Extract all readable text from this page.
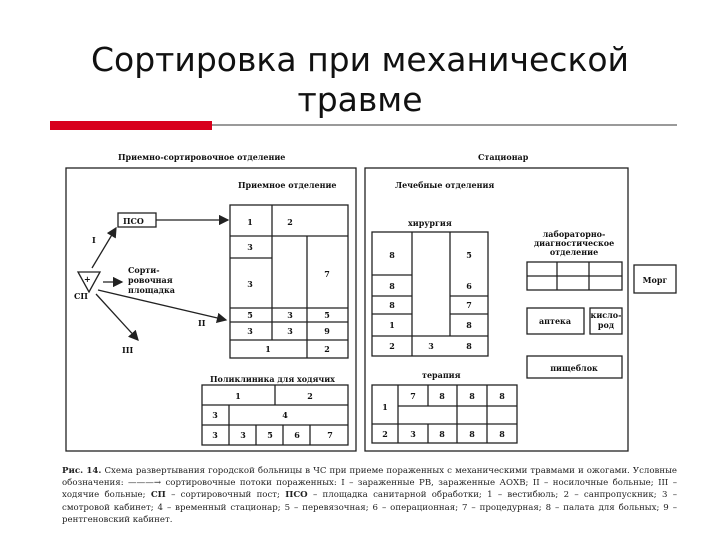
Сортировка при механической
травме
Приемно-сортировочное отделение	Стационар
Приемное отделение
ПСО
Сорти-
ровочная
площадка
+
СП
I
II
III
1	2
3
3
7
5	3	5
3	3	9
1	2
Поликлиника для ходячих
1	2
3	4
3	3	5	6	7
Лечебные отделения
хирургия
8	5
8	6
8	7
1	8
2	3	8
терапия
7	8	8	8
1
2	3	8	8	8
лабораторно-
диагностическое
отделение
Морг
аптека
кисло-
род
пищеблок
Рис. 14. Схема развертывания городской больницы в ЧС при приеме пораженных с механическими травмами и ожогами. Условные обозначения: ———→ сортировочные потоки пораженных: I – зараженные РВ, зараженные АОХВ; II – носилочные больные; III – ходячие больные; СП – сортировочный пост; ПСО – площадка санитарной обработки; 1 – вестибюль; 2 – санпропускник; 3 – смотровой кабинет; 4 – временный стационар; 5 – перевязочная; 6 – операционная; 7 – процедурная; 8 – палата для больных; 9 – рентгеновский кабинет.
